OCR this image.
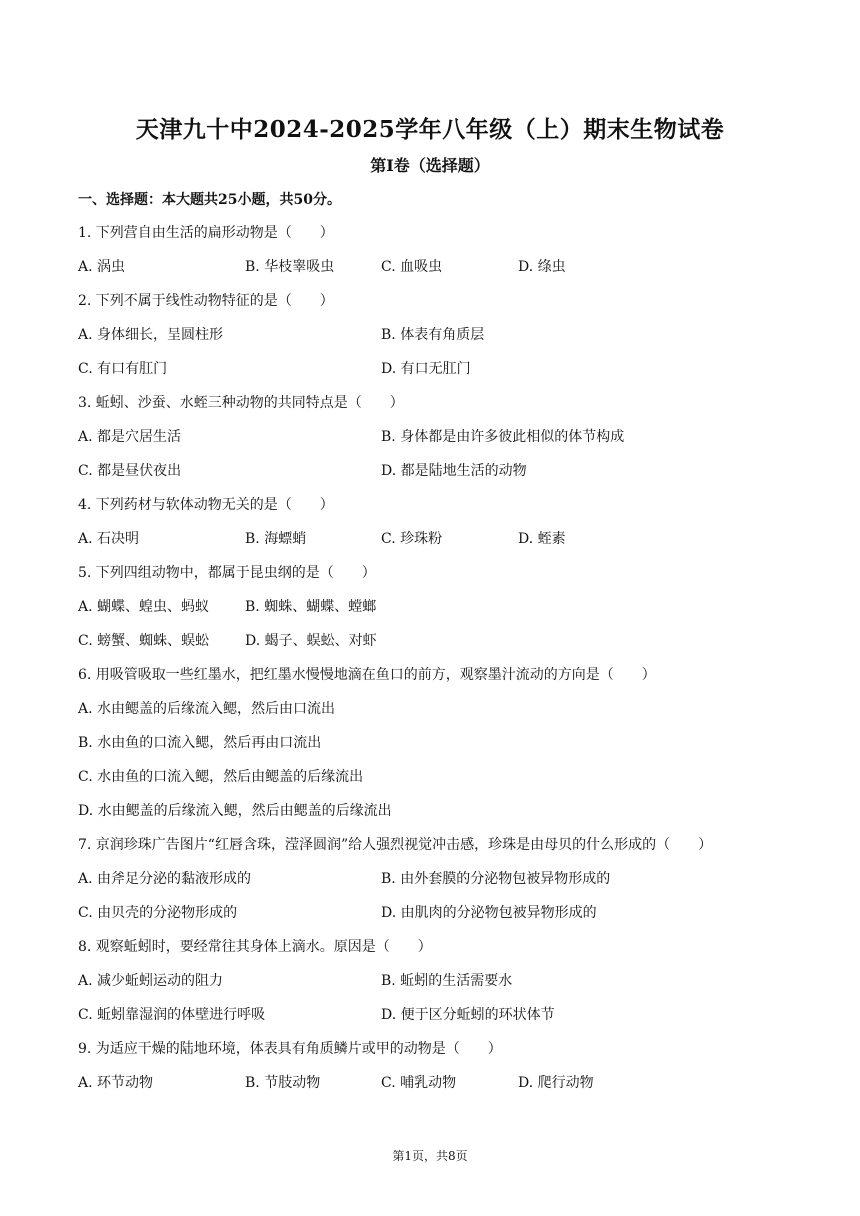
天津九十中2024-2025学年八年级（上）期末生物试卷
第I卷（选择题）
一、选择题：本大题共25小题，共50分。
1. 下列营自由生活的扁形动物是（　　）
A. 涡虫	B. 华枝睾吸虫	C. 血吸虫	D. 绦虫
2. 下列不属于线性动物特征的是（　　）
A. 身体细长，呈圆柱形	B. 体表有角质层
C. 有口有肛门	D. 有口无肛门
3. 蚯蚓、沙蚕、水蛭三种动物的共同特点是（　　）
A. 都是穴居生活	B. 身体都是由许多彼此相似的体节构成
C. 都是昼伏夜出	D. 都是陆地生活的动物
4. 下列药材与软体动物无关的是（　　）
A. 石决明	B. 海螵蛸	C. 珍珠粉	D. 蛭素
5. 下列四组动物中，都属于昆虫纲的是（　　）
A. 蝴蝶、蝗虫、蚂蚁	B. 蜘蛛、蝴蝶、螳螂
C. 螃蟹、蜘蛛、蜈蚣	D. 蝎子、蜈蚣、对虾
6. 用吸管吸取一些红墨水，把红墨水慢慢地滴在鱼口的前方，观察墨汁流动的方向是（　　）
A. 水由鳃盖的后缘流入鳃，然后由口流出
B. 水由鱼的口流入鳃，然后再由口流出
C. 水由鱼的口流入鳃，然后由鳃盖的后缘流出
D. 水由鳃盖的后缘流入鳃，然后由鳃盖的后缘流出
7. 京润珍珠广告图片“红唇含珠，滢泽圆润”给人强烈视觉冲击感，珍珠是由母贝的什么形成的（　　）
A. 由斧足分泌的黏液形成的	B. 由外套膜的分泌物包被异物形成的
C. 由贝壳的分泌物形成的	D. 由肌肉的分泌物包被异物形成的
8. 观察蚯蚓时，要经常往其身体上滴水。原因是（　　）
A. 减少蚯蚓运动的阻力	B. 蚯蚓的生活需要水
C. 蚯蚓靠湿润的体壁进行呼吸	D. 便于区分蚯蚓的环状体节
9. 为适应干燥的陆地环境，体表具有角质鳞片或甲的动物是（　　）
A. 环节动物	B. 节肢动物	C. 哺乳动物	D. 爬行动物
第1页，共8页
